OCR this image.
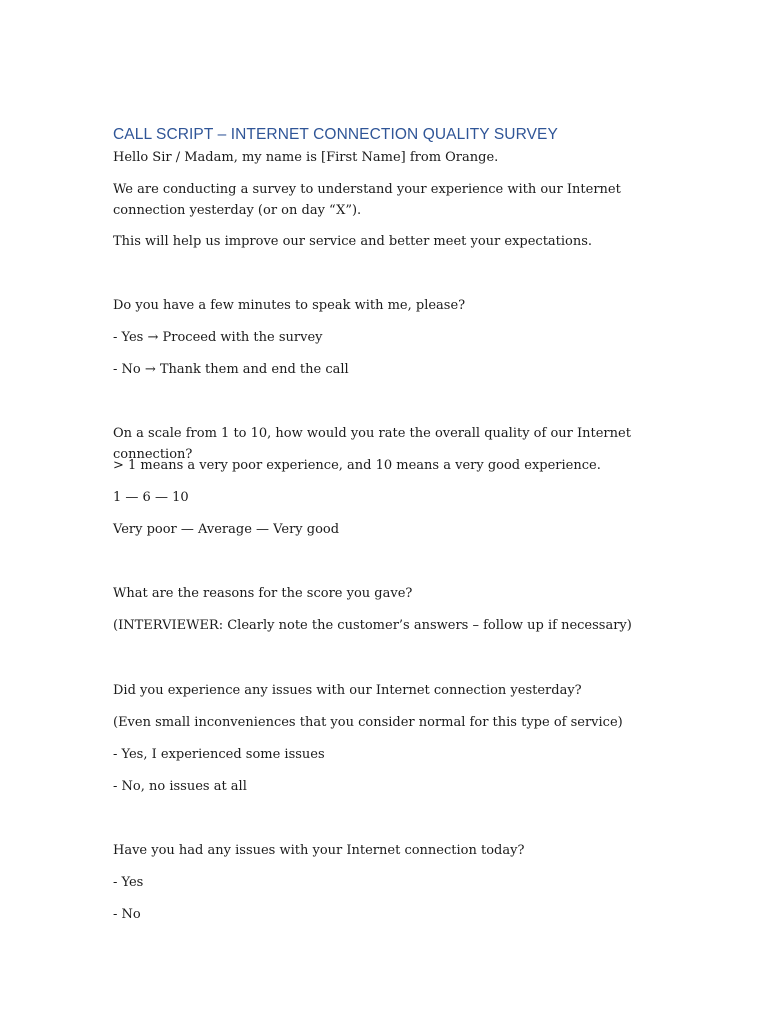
CALL SCRIPT – INTERNET CONNECTION QUALITY SURVEY

Hello Sir / Madam, my name is [First Name] from Orange.

We are conducting a survey to understand your experience with our Internet connection yesterday (or on day “X”).

This will help us improve our service and better meet your expectations.

Do you have a few minutes to speak with me, please?

- Yes → Proceed with the survey

- No → Thank them and end the call

On a scale from 1 to 10, how would you rate the overall quality of our Internet connection?

> 1 means a very poor experience, and 10 means a very good experience.

1 — 6 — 10

Very poor — Average — Very good

What are the reasons for the score you gave?

(INTERVIEWER: Clearly note the customer’s answers – follow up if necessary)

Did you experience any issues with our Internet connection yesterday?

(Even small inconveniences that you consider normal for this type of service)

- Yes, I experienced some issues

- No, no issues at all

Have you had any issues with your Internet connection today?

- Yes

- No
